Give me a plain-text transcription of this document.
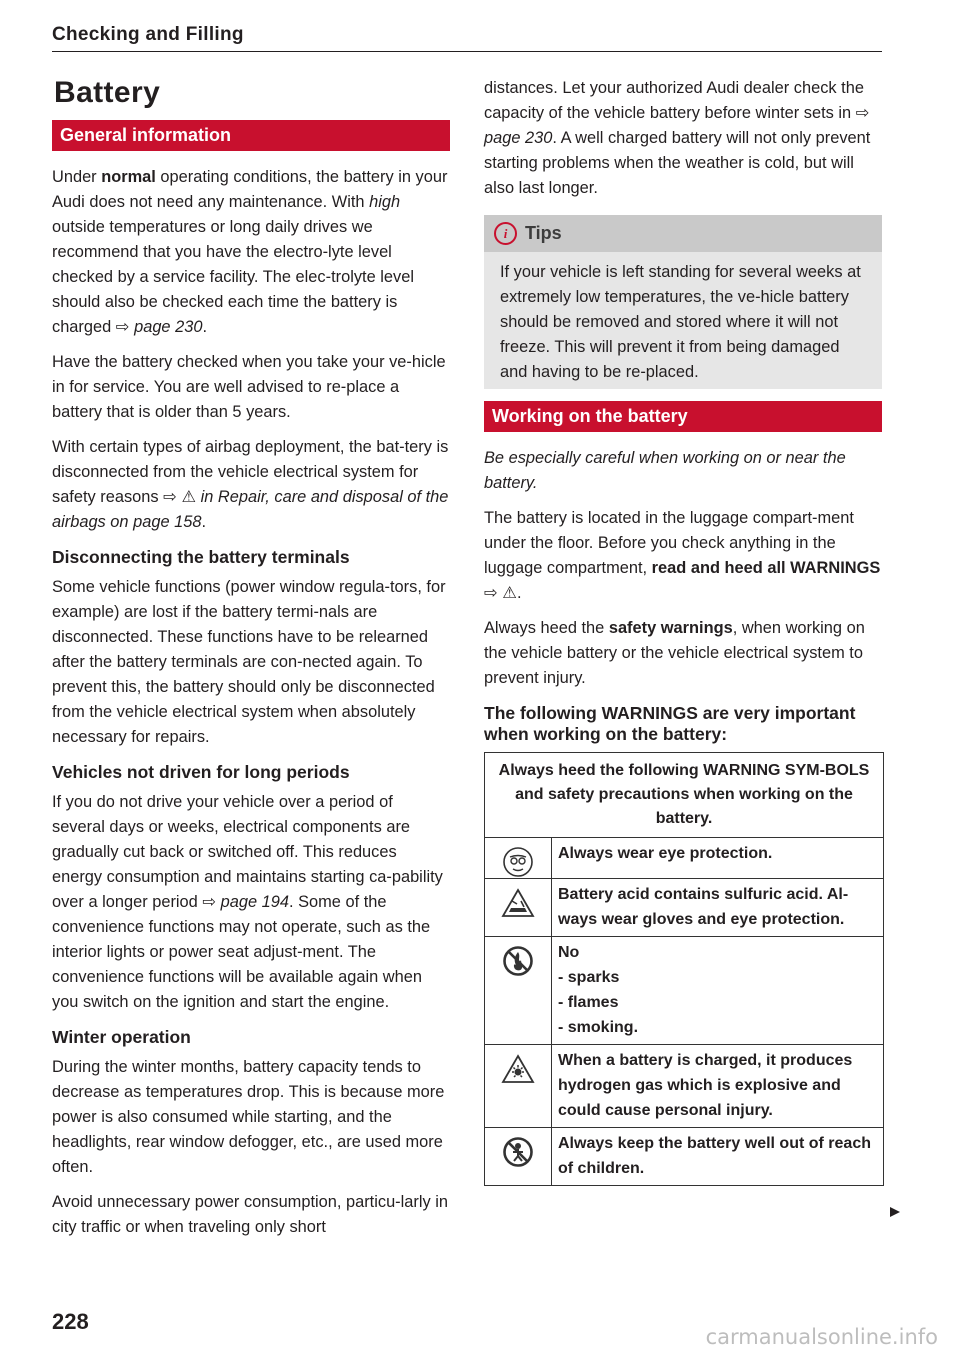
Checking and Filling
Battery
General information

Under normal operating conditions, the battery in your Audi does not need any maintenance. With high outside temperatures or long daily drives we recommend that you have the electro-lyte level checked by a service facility. The elec-trolyte level should also be checked each time the battery is charged ⇨ page 230.

Have the battery checked when you take your ve-hicle in for service. You are well advised to re-place a battery that is older than 5 years.

With certain types of airbag deployment, the bat-tery is disconnected from the vehicle electrical system for safety reasons ⇨ ⚠ in Repair, care and disposal of the airbags on page 158.

Disconnecting the battery terminals

Some vehicle functions (power window regula-tors, for example) are lost if the battery termi-nals are disconnected. These functions have to be relearned after the battery terminals are con-nected again. To prevent this, the battery should only be disconnected from the vehicle electrical system when absolutely necessary for repairs.

Vehicles not driven for long periods

If you do not drive your vehicle over a period of several days or weeks, electrical components are gradually cut back or switched off. This reduces energy consumption and maintains starting ca-pability over a longer period ⇨ page 194. Some of the convenience functions may not operate, such as the interior lights or power seat adjust-ment. The convenience functions will be available again when you switch on the ignition and start the engine.

Winter operation

During the winter months, battery capacity tends to decrease as temperatures drop. This is because more power is also consumed while starting, and the headlights, rear window defogger, etc., are used more often.

Avoid unnecessary power consumption, particu-larly in city traffic or when traveling only short

distances. Let your authorized Audi dealer check the capacity of the vehicle battery before winter sets in ⇨ page 230. A well charged battery will not only prevent starting problems when the weather is cold, but will also last longer.

i Tips

If your vehicle is left standing for several weeks at extremely low temperatures, the ve-hicle battery should be removed and stored where it will not freeze. This will prevent it from being damaged and having to be re-placed.

Working on the battery

Be especially careful when working on or near the battery.

The battery is located in the luggage compart-ment under the floor. Before you check anything in the luggage compartment, read and heed all WARNINGS ⇨ ⚠.

Always heed the safety warnings, when working on the vehicle battery or the vehicle electrical system to prevent injury.

The following WARNINGS are very important when working on the battery:
Always heed the following WARNING SYM-BOLS and safety precautions when working on the battery.
Always wear eye protection.
Battery acid contains sulfuric acid. Al-ways wear gloves and eye protection.
No
- sparks
- flames
- smoking.
When a battery is charged, it produces hydrogen gas which is explosive and could cause personal injury.
Always keep the battery well out of reach of children.
228
carmanualsonline.info
